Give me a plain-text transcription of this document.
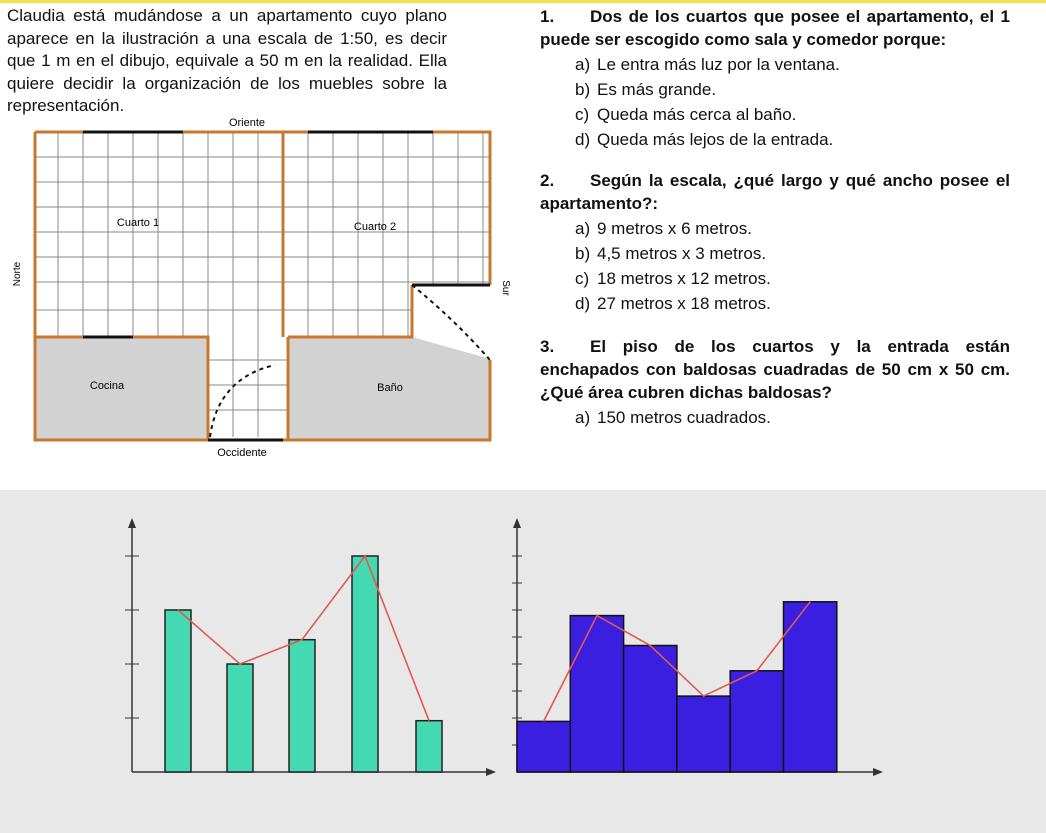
Claudia está mudándose a un apartamento cuyo plano aparece en la ilustración a una escala de 1:50, es decir que 1 m en el dibujo, equivale a 50 m en la realidad. Ella quiere decidir la organización de los muebles sobre la representación.
Oriente
Cuarto 1	Cuarto 2
Cocina	Baño
Occidente
Norte
Sur
1. Dos de los cuartos que posee el apartamento, el 1 puede ser escogido como sala y comedor porque:
a) Le entra más luz por la ventana.
b) Es más grande.
c) Queda más cerca al baño.
d) Queda más lejos de la entrada.
2. Según la escala, ¿qué largo y qué ancho posee el apartamento?:
a) 9 metros x 6 metros.
b) 4,5 metros x 3 metros.
c) 18 metros x 12 metros.
d) 27 metros x 18 metros.
3. El piso de los cuartos y la entrada están enchapados con baldosas cuadradas de 50 cm x 50 cm. ¿Qué área cubren dichas baldosas?
a) 150 metros cuadrados.
